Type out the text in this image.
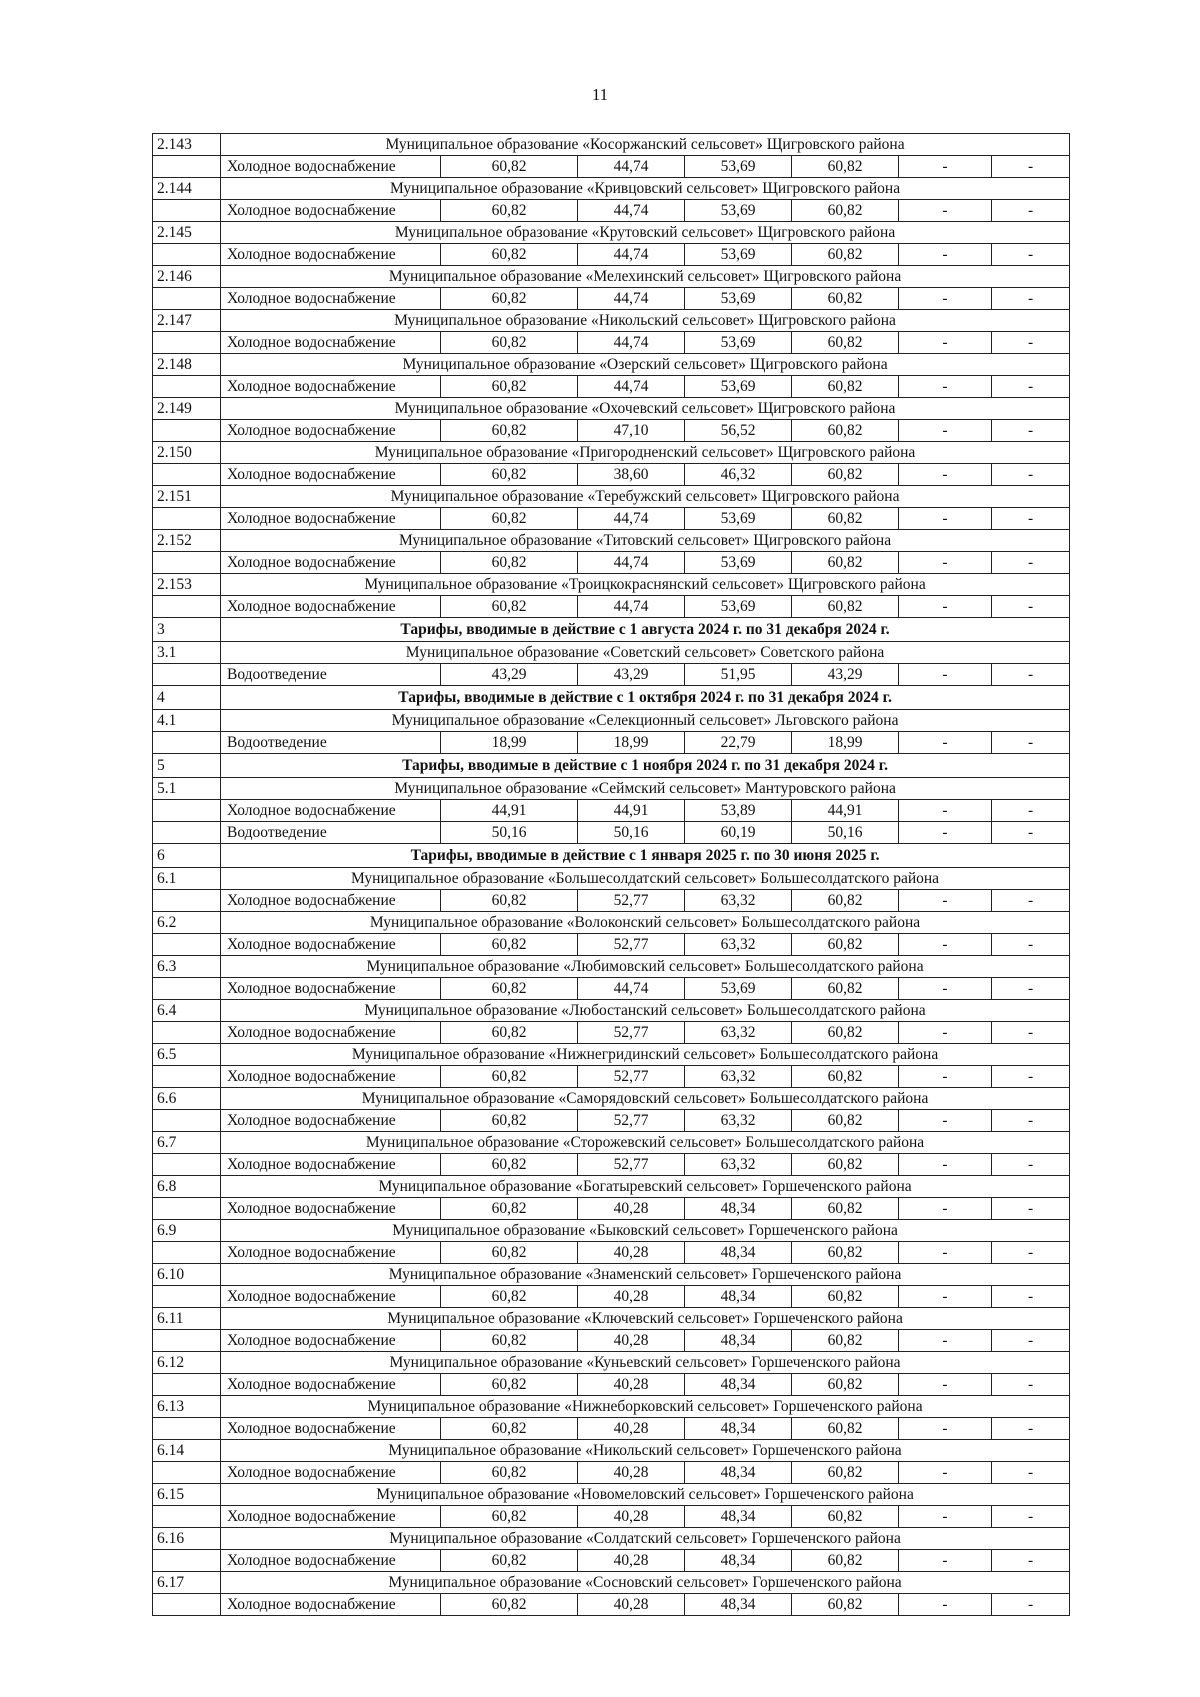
11
2.143	Муниципальное образование «Косоржанский сельсовет» Щигровского района						
	Холодное водоснабжение	60,82	44,74	53,69	60,82	-	-
2.144	Муниципальное образование «Кривцовский сельсовет» Щигровского района						
	Холодное водоснабжение	60,82	44,74	53,69	60,82	-	-
2.145	Муниципальное образование «Крутовский сельсовет» Щигровского района						
	Холодное водоснабжение	60,82	44,74	53,69	60,82	-	-
2.146	Муниципальное образование «Мелехинский сельсовет» Щигровского района						
	Холодное водоснабжение	60,82	44,74	53,69	60,82	-	-
2.147	Муниципальное образование «Никольский сельсовет» Щигровского района						
	Холодное водоснабжение	60,82	44,74	53,69	60,82	-	-
2.148	Муниципальное образование «Озерский сельсовет» Щигровского района						
	Холодное водоснабжение	60,82	44,74	53,69	60,82	-	-
2.149	Муниципальное образование «Охочевский сельсовет» Щигровского района						
	Холодное водоснабжение	60,82	47,10	56,52	60,82	-	-
2.150	Муниципальное образование «Пригородненский сельсовет» Щигровского района						
	Холодное водоснабжение	60,82	38,60	46,32	60,82	-	-
2.151	Муниципальное образование «Теребужский сельсовет» Щигровского района						
	Холодное водоснабжение	60,82	44,74	53,69	60,82	-	-
2.152	Муниципальное образование «Титовский сельсовет» Щигровского района						
	Холодное водоснабжение	60,82	44,74	53,69	60,82	-	-
2.153	Муниципальное образование «Троицкокраснянский сельсовет» Щигровского района						
	Холодное водоснабжение	60,82	44,74	53,69	60,82	-	-
3	Тарифы, вводимые в действие с 1 августа 2024 г. по 31 декабря 2024 г.						
3.1	Муниципальное образование «Советский сельсовет» Советского района						
	Водоотведение	43,29	43,29	51,95	43,29	-	-
4	Тарифы, вводимые в действие с 1 октября 2024 г. по 31 декабря 2024 г.						
4.1	Муниципальное образование «Селекционный сельсовет» Льговского района						
	Водоотведение	18,99	18,99	22,79	18,99	-	-
5	Тарифы, вводимые в действие с 1 ноября 2024 г. по 31 декабря 2024 г.						
5.1	Муниципальное образование «Сеймский сельсовет» Мантуровского района						
	Холодное водоснабжение	44,91	44,91	53,89	44,91	-	-
	Водоотведение	50,16	50,16	60,19	50,16	-	-
6	Тарифы, вводимые в действие с 1 января 2025 г. по 30 июня 2025 г.						
6.1	Муниципальное образование «Большесолдатский сельсовет» Большесолдатского района						
	Холодное водоснабжение	60,82	52,77	63,32	60,82	-	-
6.2	Муниципальное образование «Волоконский сельсовет» Большесолдатского района						
	Холодное водоснабжение	60,82	52,77	63,32	60,82	-	-
6.3	Муниципальное образование «Любимовский сельсовет» Большесолдатского района						
	Холодное водоснабжение	60,82	44,74	53,69	60,82	-	-
6.4	Муниципальное образование «Любостанский сельсовет» Большесолдатского района						
	Холодное водоснабжение	60,82	52,77	63,32	60,82	-	-
6.5	Муниципальное образование «Нижнегридинский сельсовет» Большесолдатского района						
	Холодное водоснабжение	60,82	52,77	63,32	60,82	-	-
6.6	Муниципальное образование «Саморядовский сельсовет» Большесолдатского района						
	Холодное водоснабжение	60,82	52,77	63,32	60,82	-	-
6.7	Муниципальное образование «Сторожевский сельсовет» Большесолдатского района						
	Холодное водоснабжение	60,82	52,77	63,32	60,82	-	-
6.8	Муниципальное образование «Богатыревский сельсовет» Горшеченского района						
	Холодное водоснабжение	60,82	40,28	48,34	60,82	-	-
6.9	Муниципальное образование «Быковский сельсовет» Горшеченского района						
	Холодное водоснабжение	60,82	40,28	48,34	60,82	-	-
6.10	Муниципальное образование «Знаменский сельсовет» Горшеченского района						
	Холодное водоснабжение	60,82	40,28	48,34	60,82	-	-
6.11	Муниципальное образование «Ключевский сельсовет» Горшеченского района						
	Холодное водоснабжение	60,82	40,28	48,34	60,82	-	-
6.12	Муниципальное образование «Куньевский сельсовет» Горшеченского района						
	Холодное водоснабжение	60,82	40,28	48,34	60,82	-	-
6.13	Муниципальное образование «Нижнеборковский сельсовет» Горшеченского района						
	Холодное водоснабжение	60,82	40,28	48,34	60,82	-	-
6.14	Муниципальное образование «Никольский сельсовет» Горшеченского района						
	Холодное водоснабжение	60,82	40,28	48,34	60,82	-	-
6.15	Муниципальное образование «Новомеловский сельсовет» Горшеченского района						
	Холодное водоснабжение	60,82	40,28	48,34	60,82	-	-
6.16	Муниципальное образование «Солдатский сельсовет» Горшеченского района						
	Холодное водоснабжение	60,82	40,28	48,34	60,82	-	-
6.17	Муниципальное образование «Сосновский сельсовет» Горшеченского района						
	Холодное водоснабжение	60,82	40,28	48,34	60,82	-	-
